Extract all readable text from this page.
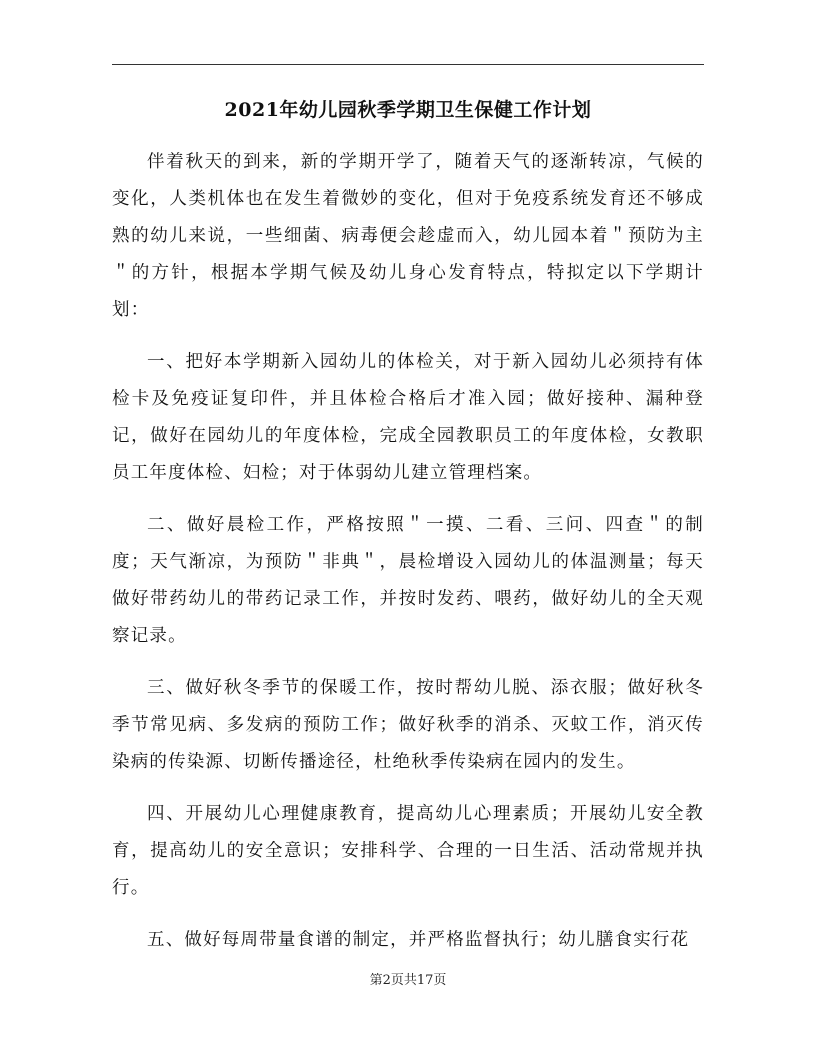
2021年幼儿园秋季学期卫生保健工作计划

伴着秋天的到来，新的学期开学了，随着天气的逐渐转凉，气候的变化，人类机体也在发生着微妙的变化，但对于免疫系统发育还不够成熟的幼儿来说，一些细菌、病毒便会趁虚而入，幼儿园本着＂预防为主＂的方针，根据本学期气候及幼儿身心发育特点，特拟定以下学期计划：

一、把好本学期新入园幼儿的体检关，对于新入园幼儿必须持有体检卡及免疫证复印件，并且体检合格后才准入园；做好接种、漏种登记，做好在园幼儿的年度体检，完成全园教职员工的年度体检，女教职员工年度体检、妇检；对于体弱幼儿建立管理档案。

二、做好晨检工作，严格按照＂一摸、二看、三问、四查＂的制度；天气渐凉，为预防＂非典＂，晨检增设入园幼儿的体温测量；每天做好带药幼儿的带药记录工作，并按时发药、喂药，做好幼儿的全天观察记录。

三、做好秋冬季节的保暖工作，按时帮幼儿脱、添衣服；做好秋冬季节常见病、多发病的预防工作；做好秋季的消杀、灭蚊工作，消灭传染病的传染源、切断传播途径，杜绝秋季传染病在园内的发生。

四、开展幼儿心理健康教育，提高幼儿心理素质；开展幼儿安全教育，提高幼儿的安全意识；安排科学、合理的一日生活、活动常规并执行。

五、做好每周带量食谱的制定，并严格监督执行；幼儿膳食实行花

第2页共17页
